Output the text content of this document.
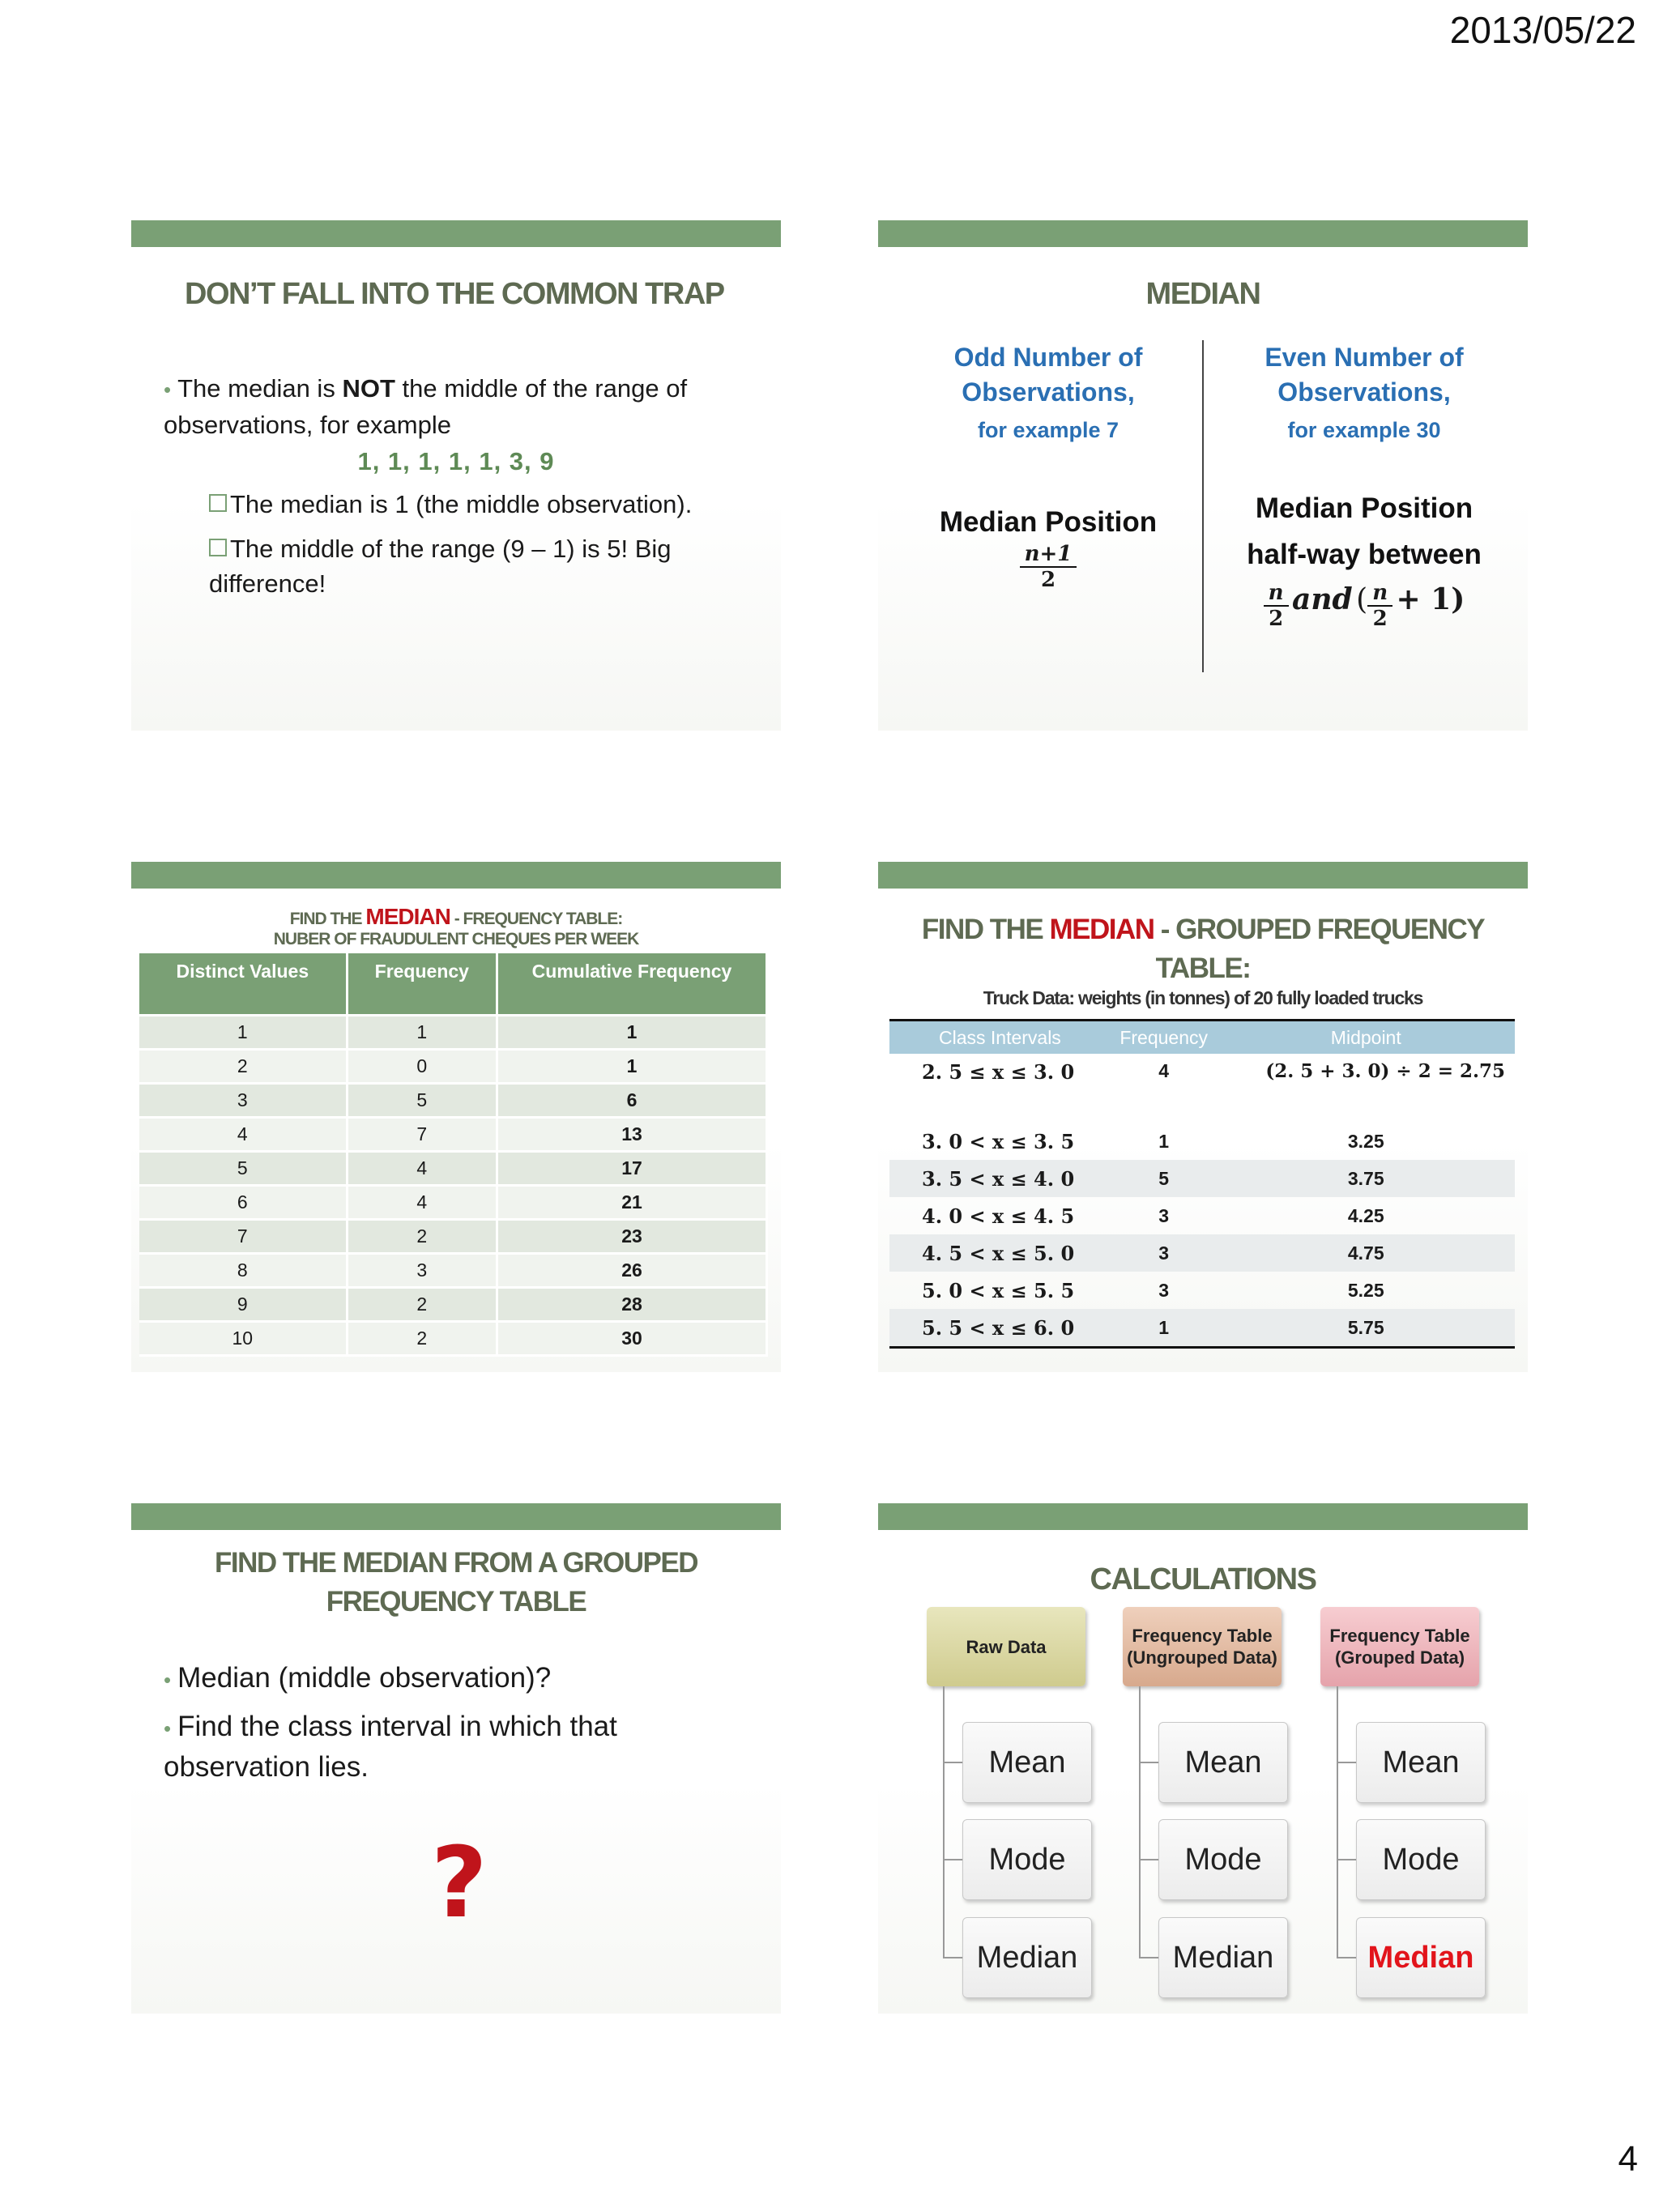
2013/05/22
DON’T FALL INTO THE COMMON TRAP
• The median is NOT the middle of the range of observations, for example
1, 1, 1, 1, 1, 3, 9
The median is 1 (the middle observation).
The middle of the range (9 – 1) is 5! Big difference!
MEDIAN
Odd Number of Observations,
for example 7
Median Position
$\frac{n+1}{2}$
Even Number of Observations,
for example 30
Median Position
half-way between
$\frac{n}{2}$ and ( $\frac{n}{2} + 1$)
FIND THE MEDIAN - FREQUENCY TABLE:
NUBER OF FRAUDULENT CHEQUES PER WEEK
Distinct Values	Frequency	Cumulative Frequency
1	1	1
2	0	1
3	5	6
4	7	13
5	4	17
6	4	21
7	2	23
8	3	26
9	2	28
10	2	30
FIND THE MEDIAN - GROUPED FREQUENCY TABLE:
Truck Data: weights (in tonnes) of 20 fully loaded trucks
Class Intervals	Frequency	Midpoint
2. 5 ≤ x ≤ 3. 0	4	(2. 5 + 3. 0) ÷ 2 = 2.75
3. 0 < x ≤ 3. 5	1	3.25
3. 5 < x ≤ 4. 0	5	3.75
4. 0 < x ≤ 4. 5	3	4.25
4. 5 < x ≤ 5. 0	3	4.75
5. 0 < x ≤ 5. 5	3	5.25
5. 5 < x ≤ 6. 0	1	5.75
FIND THE MEDIAN FROM A GROUPED FREQUENCY TABLE
• Median (middle observation)?
• Find the class interval in which that observation lies.
?
CALCULATIONS
Raw Data
Frequency Table (Ungrouped Data)
Frequency Table (Grouped Data)
Mean
Mode
Median
Mean
Mode
Median
Mean
Mode
Median
4
